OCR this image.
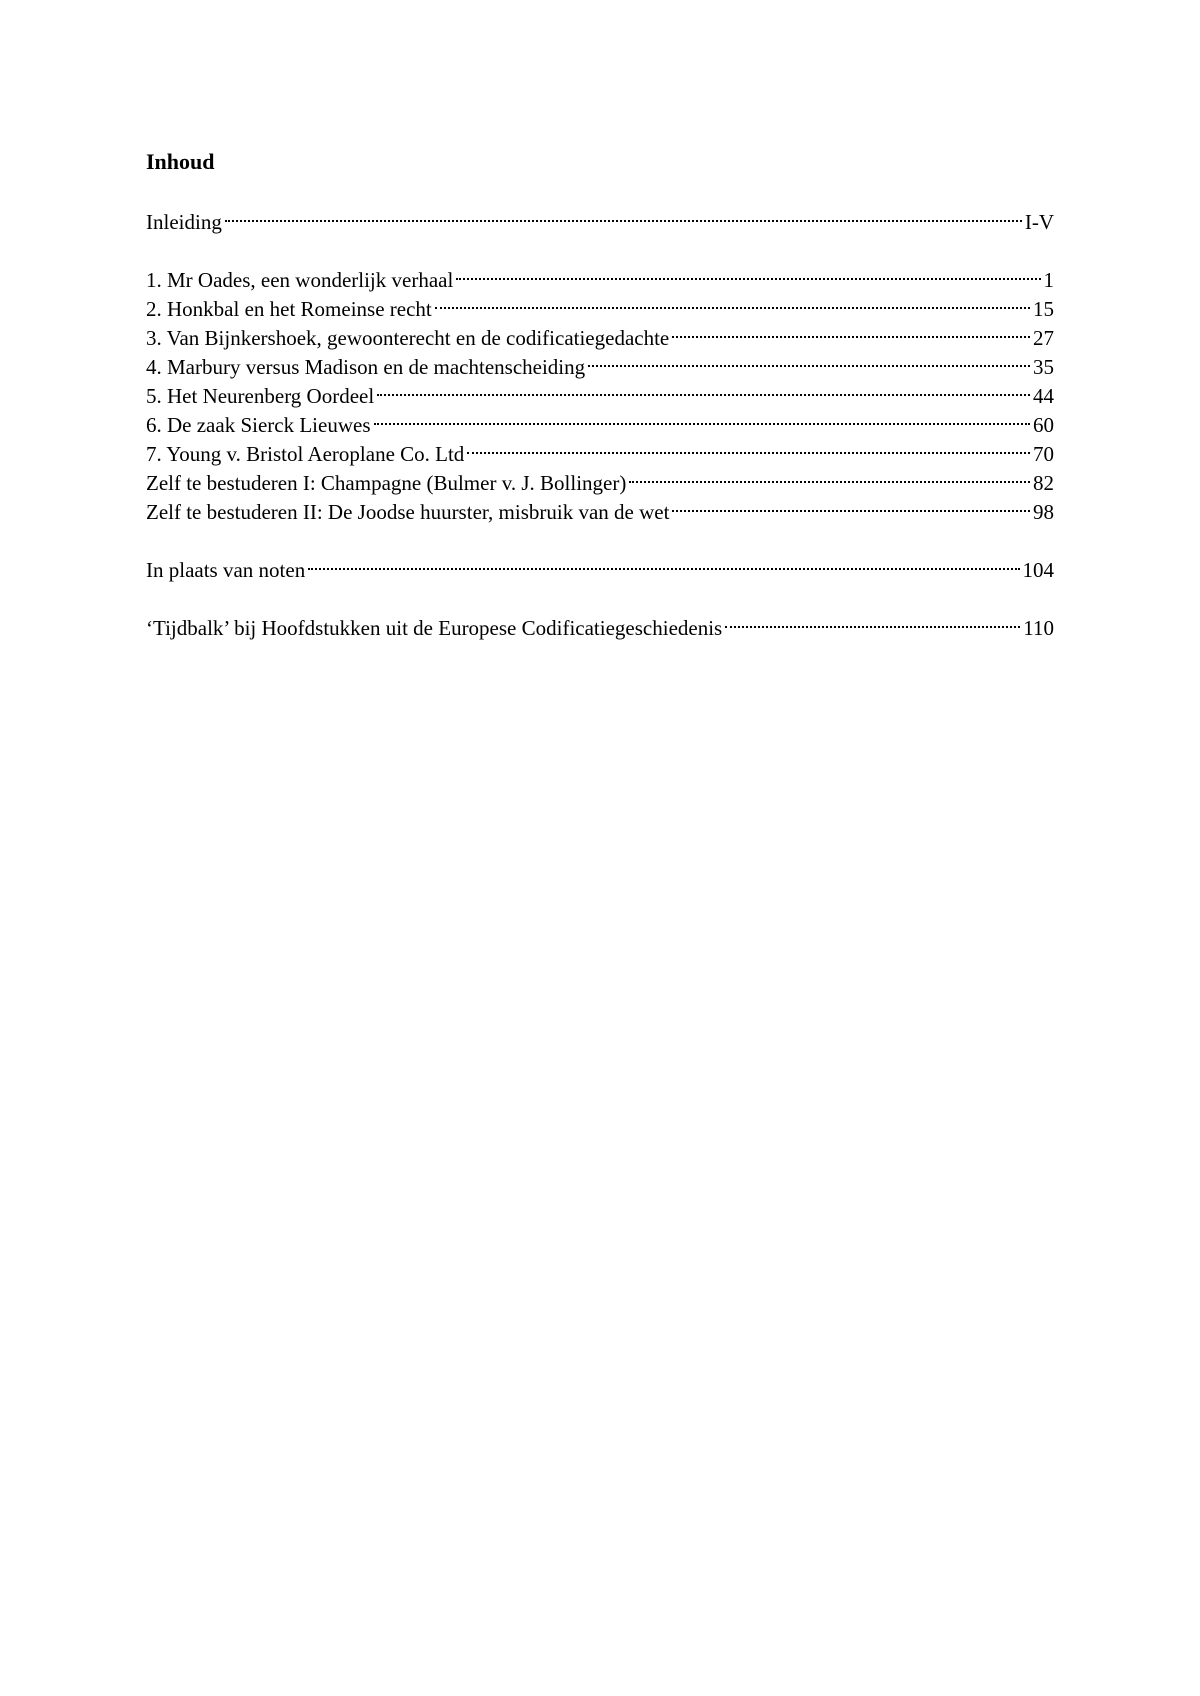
Inhoud
Inleiding	I-V
1. Mr Oades, een wonderlijk verhaal	1
2. Honkbal en het Romeinse recht	15
3. Van Bijnkershoek, gewoonterecht en de codificatiegedachte	27
4. Marbury versus Madison en de machtenscheiding	35
5. Het Neurenberg Oordeel	44
6. De zaak Sierck Lieuwes	60
7. Young v. Bristol Aeroplane Co. Ltd	70
Zelf te bestuderen I: Champagne (Bulmer v. J. Bollinger)	82
Zelf te bestuderen II: De Joodse huurster, misbruik van de wet	98
In plaats van noten	104
‘Tijdbalk’ bij Hoofdstukken uit de Europese Codificatiegeschiedenis	110
